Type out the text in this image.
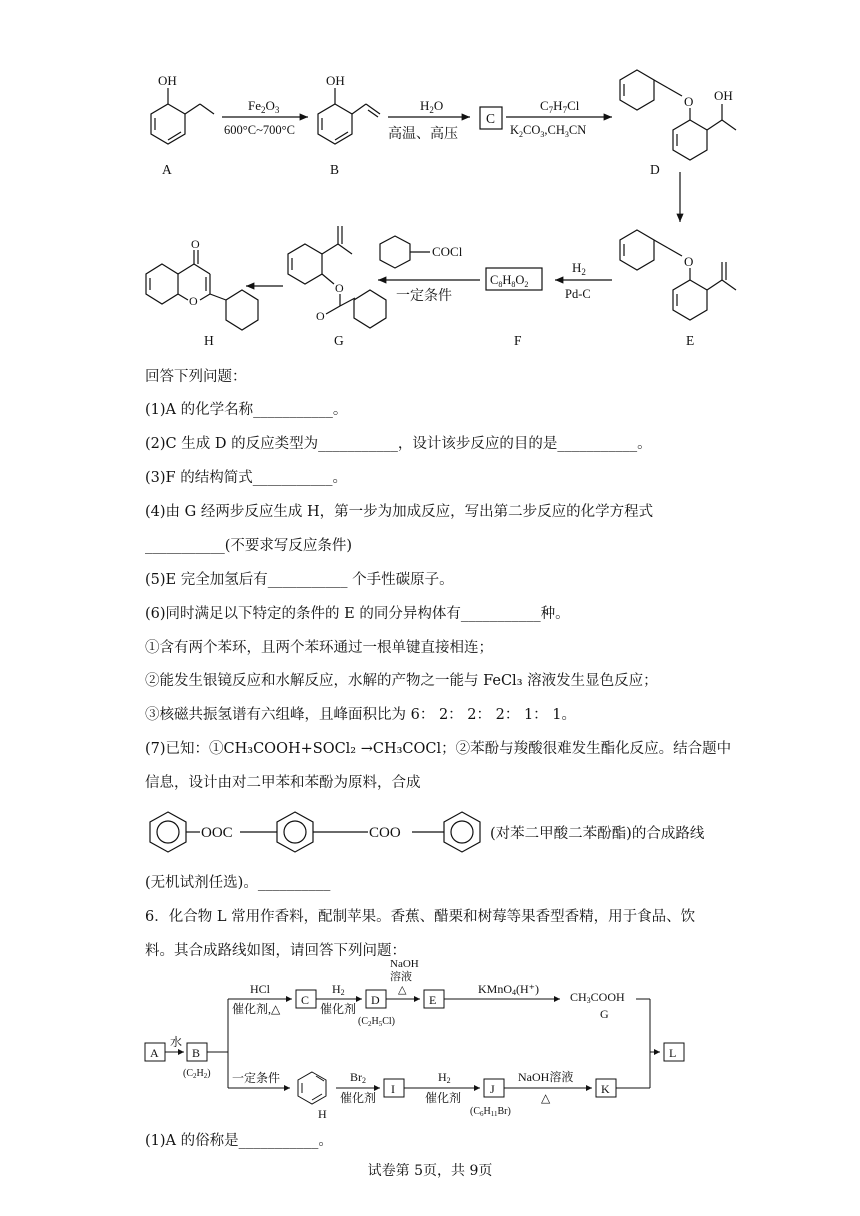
OH
A
$Fe_2O_3$
600°C~700°C
OH
B
$H_2O$
高温、高压
C
$C_7H_7Cl$
$K_2CO_3,CH_3CN$
O OH
D
O
E
$H_2$
Pd-C
$C_8H_8O_2$
F
COCl
一定条件
O
O
G
O
O
H
回答下列问题：
(1)A 的化学名称___________。
(2)C 生成 D 的反应类型为___________，设计该步反应的目的是___________。
(3)F 的结构简式___________。
(4)由 G 经两步反应生成 H，第一步为加成反应，写出第二步反应的化学方程式
___________(不要求写反应条件)
(5)E 完全加氢后有___________ 个手性碳原子。
(6)同时满足以下特定的条件的 E 的同分异构体有___________种。
①含有两个苯环，且两个苯环通过一根单键直接相连；
②能发生银镜反应和水解反应，水解的产物之一能与 FeCl₃ 溶液发生显色反应；
③核磁共振氢谱有六组峰，且峰面积比为 6： 2： 2： 2： 1： 1。
(7)已知：①CH₃COOH+SOCl₂ →CH₃COCl；②苯酚与羧酸很难发生酯化反应。结合题中
信息，设计由对二甲苯和苯酚为原料，合成
OOC	COO	(对苯二甲酸二苯酚酯)的合成路线
(无机试剂任选)。__________
6．化合物 L 常用作香料，配制苹果。香蕉、醋栗和树莓等果香型香精，用于食品、饮
料。其合成路线如图，请回答下列问题：
A
水
B
$(C_2H_2)$
HCl
催化剂,△
C
H2
催化剂
D
$(C_2H_5Cl)$
NaOH
溶液
△
E
KMnO4(H⁺)
CH3COOH
G
L
一定条件
H
Br2
催化剂
I
H2
催化剂
J
$(C_6H_{11}Br)$
NaOH溶液
△
K
(1)A 的俗称是___________。
试卷第 5页，共 9页
